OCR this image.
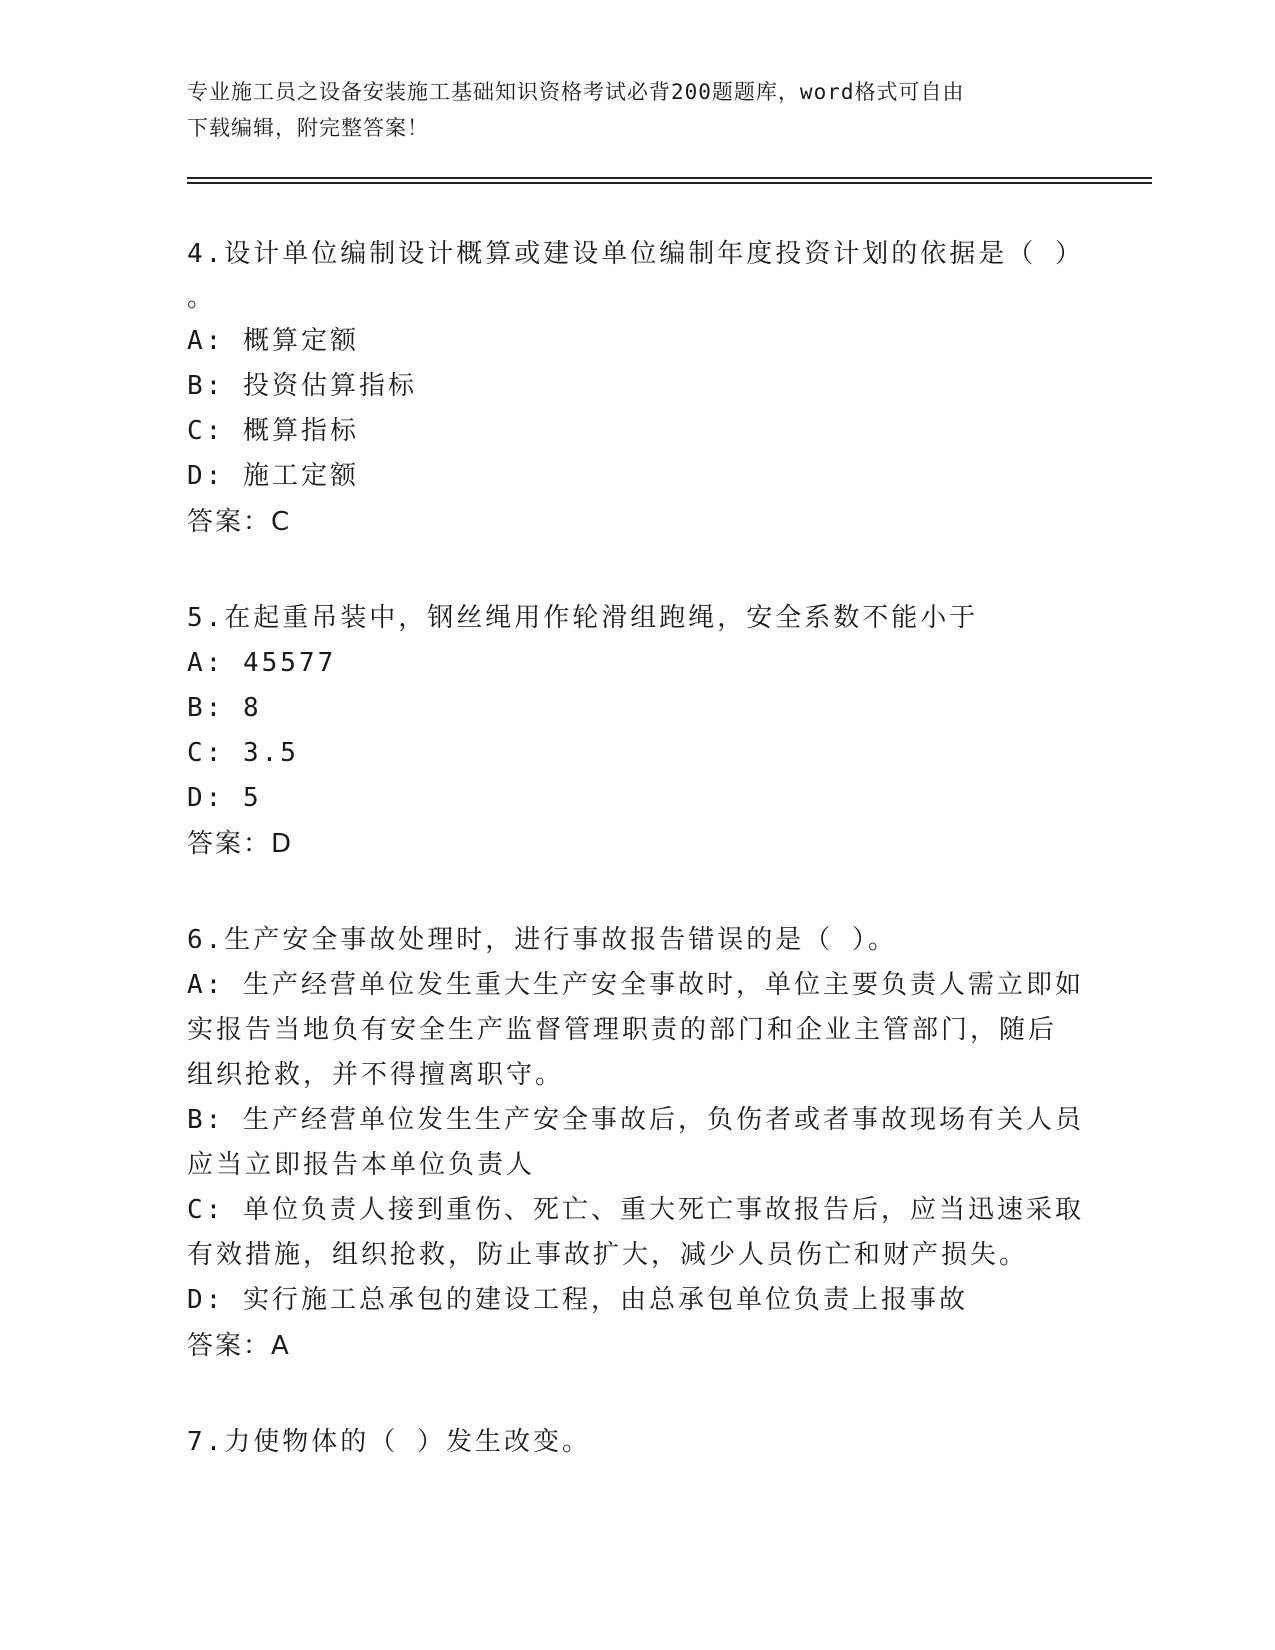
专业施工员之设备安装施工基础知识资格考试必背200题题库，word格式可自由
下载编辑，附完整答案！

4.设计单位编制设计概算或建设单位编制年度投资计划的依据是（ ）

。

A: 概算定额

B: 投资估算指标

C: 概算指标

D: 施工定额

答案：C

5.在起重吊装中，钢丝绳用作轮滑组跑绳，安全系数不能小于

A: 45577

B: 8

C: 3.5

D: 5

答案：D

6.生产安全事故处理时，进行事故报告错误的是（ ）。

A: 生产经营单位发生重大生产安全事故时，单位主要负责人需立即如

实报告当地负有安全生产监督管理职责的部门和企业主管部门，随后

组织抢救，并不得擅离职守。

B: 生产经营单位发生生产安全事故后，负伤者或者事故现场有关人员

应当立即报告本单位负责人

C: 单位负责人接到重伤、死亡、重大死亡事故报告后，应当迅速采取

有效措施，组织抢救，防止事故扩大，减少人员伤亡和财产损失。

D: 实行施工总承包的建设工程，由总承包单位负责上报事故

答案：A

7.力使物体的（ ）发生改变。
